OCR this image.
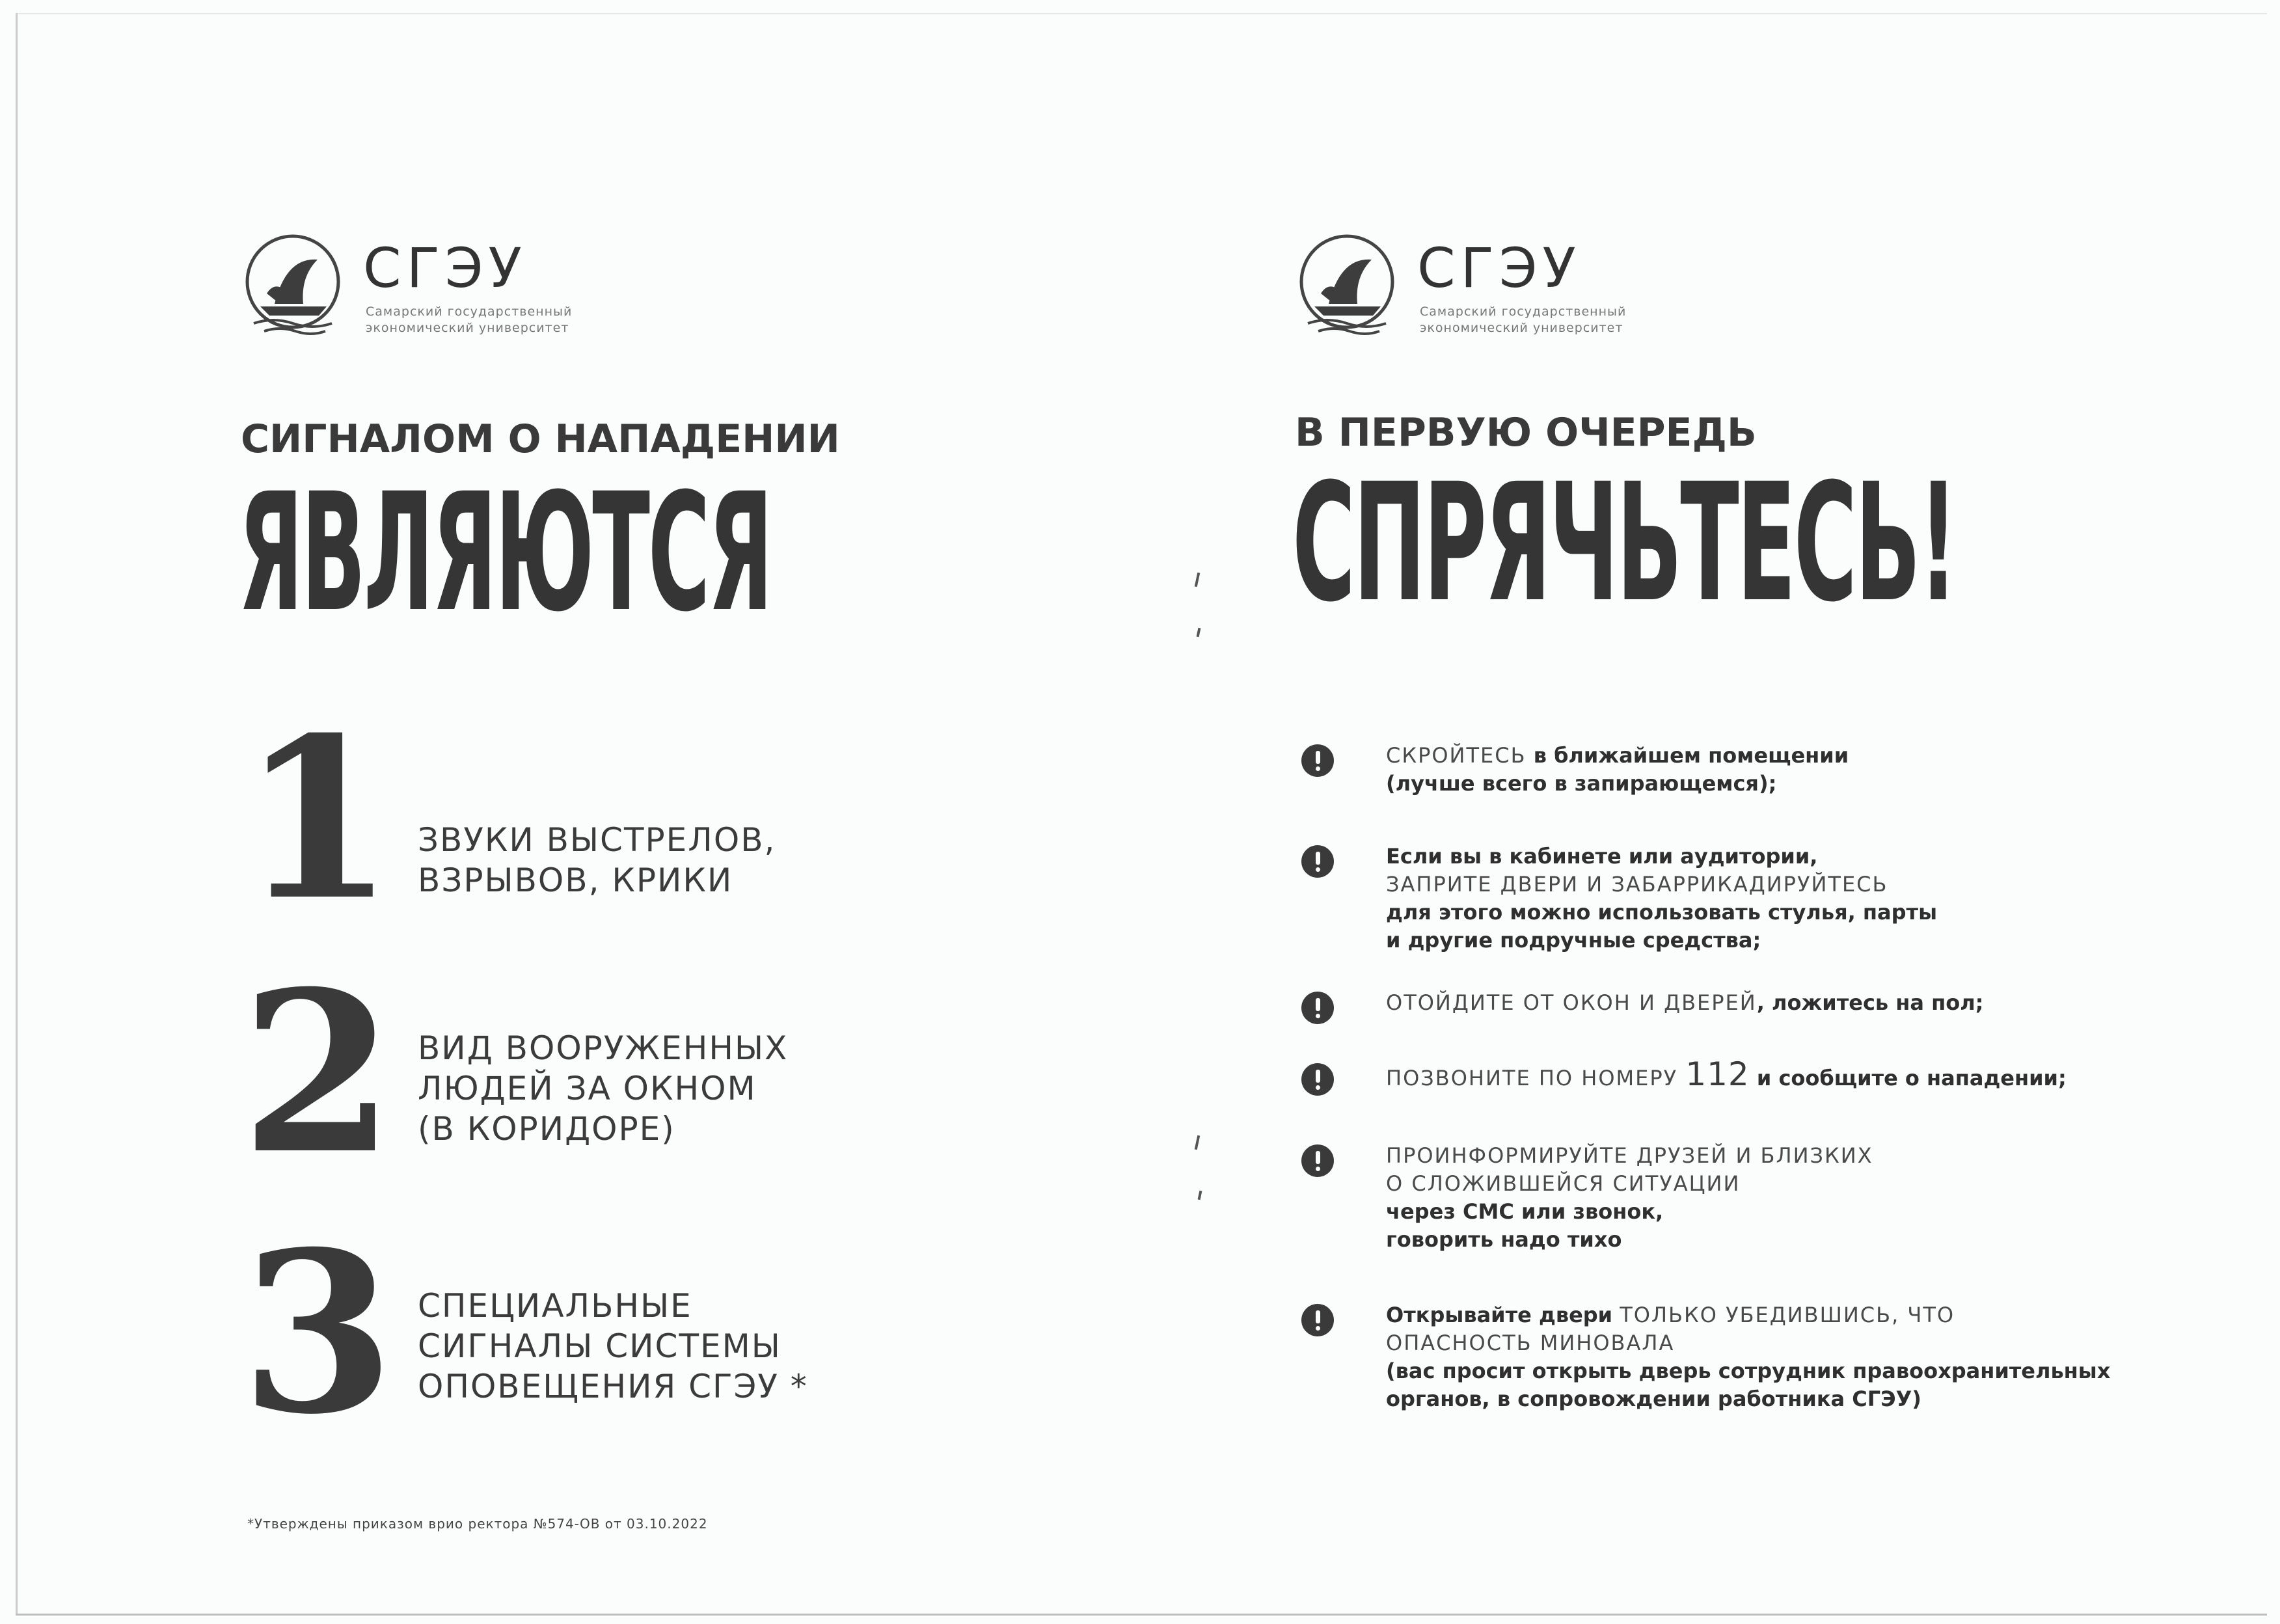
СГЭУ
Самарский государственный
экономический университет
СИГНАЛОМ О НАПАДЕНИИ
ЯВЛЯЮТСЯ
1 ЗВУКИ ВЫСТРЕЛОВ,
ВЗРЫВОВ, КРИКИ
2 ВИД ВООРУЖЕННЫХ
ЛЮДЕЙ ЗА ОКНОМ
(В КОРИДОРЕ)
3 СПЕЦИАЛЬНЫЕ
СИГНАЛЫ СИСТЕМЫ
ОПОВЕЩЕНИЯ СГЭУ *
*Утверждены приказом врио ректора №574-ОВ от 03.10.2022
СГЭУ
Самарский государственный
экономический университет
В ПЕРВУЮ ОЧЕРЕДЬ
СПРЯЧЬТЕСЬ!
СКРОЙТЕСЬ в ближайшем помещении
(лучше всего в запирающемся);
Если вы в кабинете или аудитории,
ЗАПРИТЕ ДВЕРИ И ЗАБАРРИКАДИРУЙТЕСЬ
для этого можно использовать стулья, парты
и другие подручные средства;
ОТОЙДИТЕ ОТ ОКОН И ДВЕРЕЙ, ложитесь на пол;
ПОЗВОНИТЕ ПО НОМЕРУ 112 и сообщите о нападении;
ПРОИНФОРМИРУЙТЕ ДРУЗЕЙ И БЛИЗКИХ
О СЛОЖИВШЕЙСЯ СИТУАЦИИ
через СМС или звонок,
говорить надо тихо
Открывайте двери ТОЛЬКО УБЕДИВШИСЬ, ЧТО
ОПАСНОСТЬ МИНОВАЛА
(вас просит открыть дверь сотрудник правоохранительных
органов, в сопровождении работника СГЭУ)
